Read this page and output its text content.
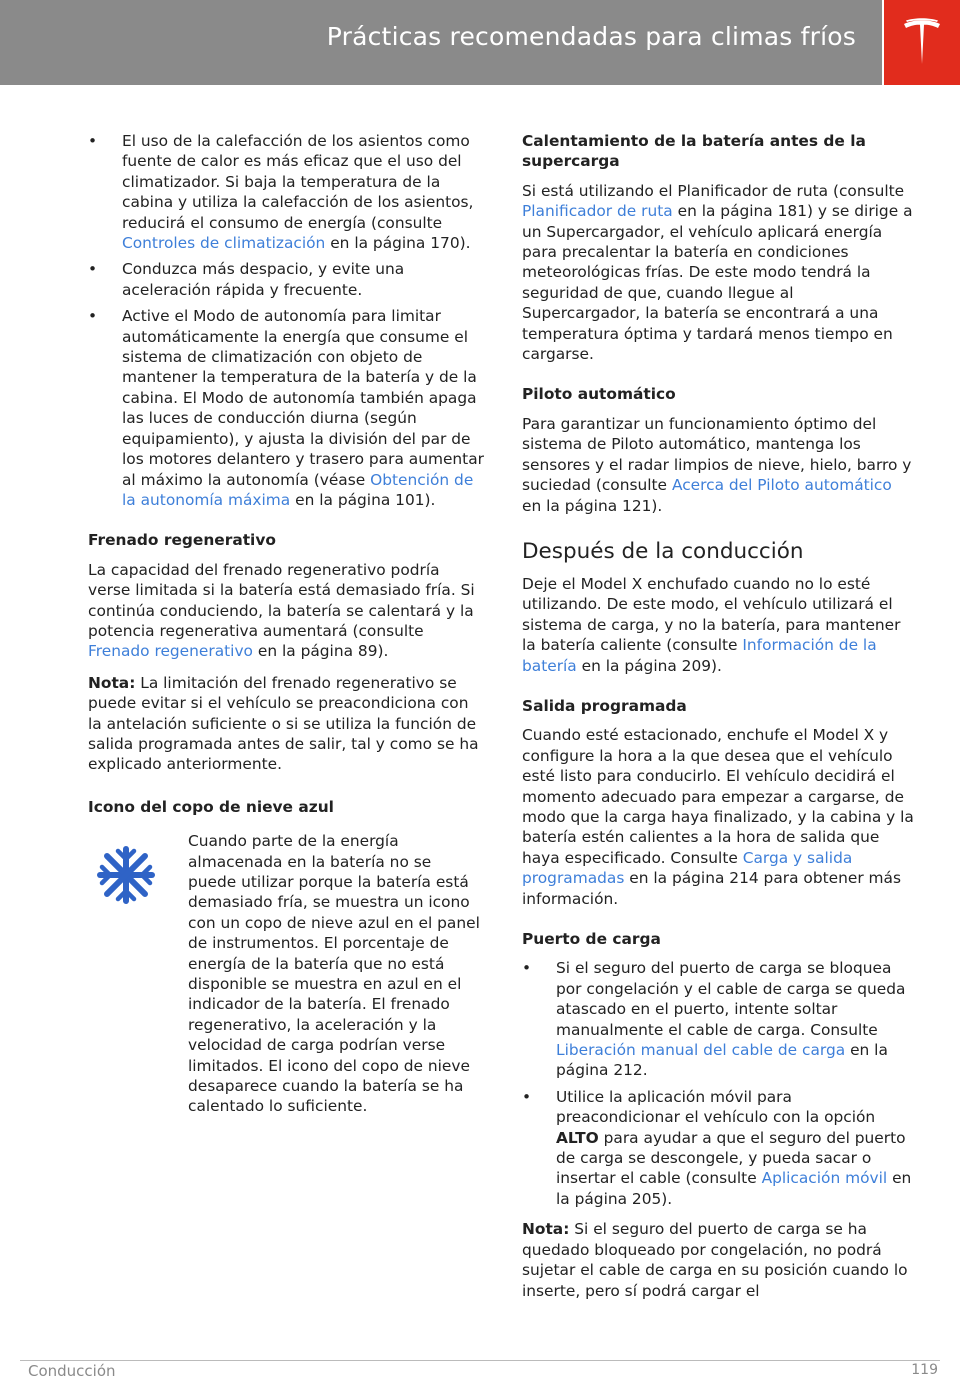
Prácticas recomendadas para climas fríos
• El uso de la calefacción de los asientos como fuente de calor es más eficaz que el uso del climatizador. Si baja la temperatura de la cabina y utiliza la calefacción de los asientos, reducirá el consumo de energía (consulte Controles de climatización en la página 170).
• Conduzca más despacio, y evite una aceleración rápida y frecuente.
• Active el Modo de autonomía para limitar automáticamente la energía que consume el sistema de climatización con objeto de mantener la temperatura de la batería y de la cabina. El Modo de autonomía también apaga las luces de conducción diurna (según equipamiento), y ajusta la división del par de los motores delantero y trasero para aumentar al máximo la autonomía (véase Obtención de la autonomía máxima en la página 101).
Frenado regenerativo

La capacidad del frenado regenerativo podría verse limitada si la batería está demasiado fría. Si continúa conduciendo, la batería se calentará y la potencia regenerativa aumentará (consulte Frenado regenerativo en la página 89).

Nota: La limitación del frenado regenerativo se puede evitar si el vehículo se preacondiciona con la antelación suficiente o si se utiliza la función de salida programada antes de salir, tal y como se ha explicado anteriormente.

Icono del copo de nieve azul

Cuando parte de la energía almacenada en la batería no se puede utilizar porque la batería está demasiado fría, se muestra un icono con un copo de nieve azul en el panel de instrumentos. El porcentaje de energía de la batería que no está disponible se muestra en azul en el indicador de la batería. El frenado regenerativo, la aceleración y la velocidad de carga podrían verse limitados. El icono del copo de nieve desaparece cuando la batería se ha calentado lo suficiente.

Calentamiento de la batería antes de la supercarga

Si está utilizando el Planificador de ruta (consulte Planificador de ruta en la página 181) y se dirige a un Supercargador, el vehículo aplicará energía para precalentar la batería en condiciones meteorológicas frías. De este modo tendrá la seguridad de que, cuando llegue al Supercargador, la batería se encontrará a una temperatura óptima y tardará menos tiempo en cargarse.

Piloto automático

Para garantizar un funcionamiento óptimo del sistema de Piloto automático, mantenga los sensores y el radar limpios de nieve, hielo, barro y suciedad (consulte Acerca del Piloto automático en la página 121).

Después de la conducción

Deje el Model X enchufado cuando no lo esté utilizando. De este modo, el vehículo utilizará el sistema de carga, y no la batería, para mantener la batería caliente (consulte Información de la batería en la página 209).

Salida programada

Cuando esté estacionado, enchufe el Model X y configure la hora a la que desea que el vehículo esté listo para conducirlo. El vehículo decidirá el momento adecuado para empezar a cargarse, de modo que la carga haya finalizado, y la cabina y la batería estén calientes a la hora de salida que haya especificado. Consulte Carga y salida programadas en la página 214 para obtener más información.

Puerto de carga
• Si el seguro del puerto de carga se bloquea por congelación y el cable de carga se queda atascado en el puerto, intente soltar manualmente el cable de carga. Consulte Liberación manual del cable de carga en la página 212.
• Utilice la aplicación móvil para preacondicionar el vehículo con la opción ALTO para ayudar a que el seguro del puerto de carga se descongele, y pueda sacar o insertar el cable (consulte Aplicación móvil en la página 205).

Nota: Si el seguro del puerto de carga se ha quedado bloqueado por congelación, no podrá sujetar el cable de carga en su posición cuando lo inserte, pero sí podrá cargar el

Conducción	119
